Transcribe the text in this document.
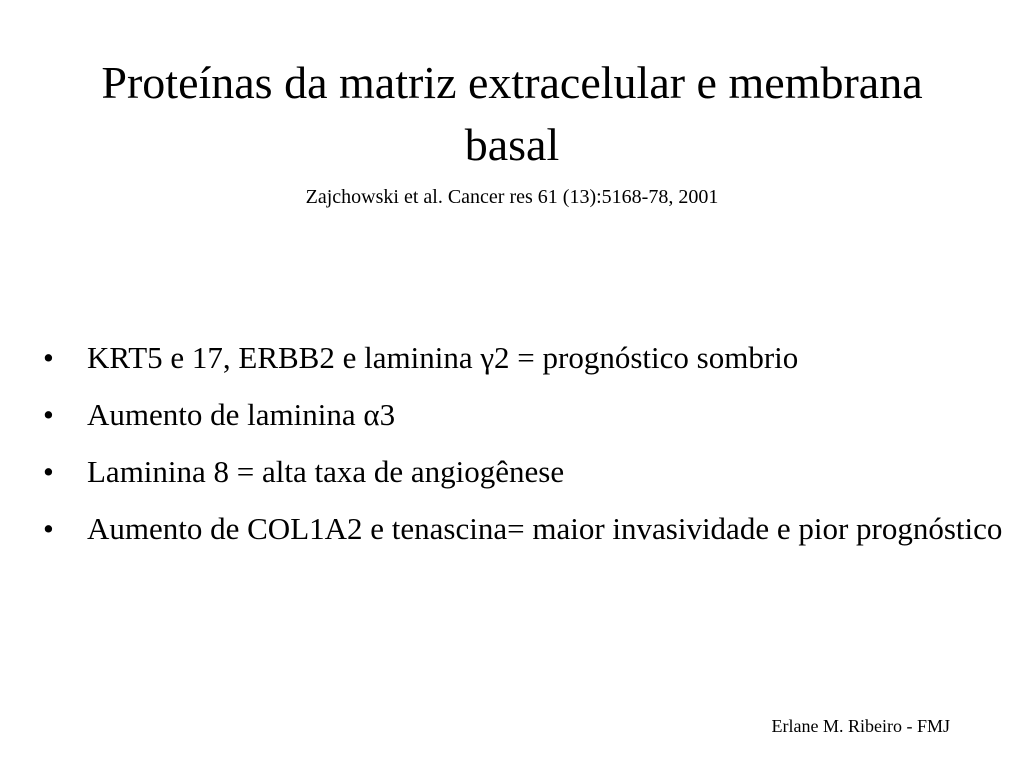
Proteínas da matriz extracelular e membrana basal
Zajchowski et al. Cancer res 61 (13):5168-78, 2001
• KRT5 e 17, ERBB2 e laminina γ2 = prognóstico sombrio
• Aumento de laminina α3
• Laminina 8 = alta taxa de angiogênese
• Aumento de COL1A2 e tenascina= maior invasividade e pior prognóstico
Erlane M. Ribeiro - FMJ
